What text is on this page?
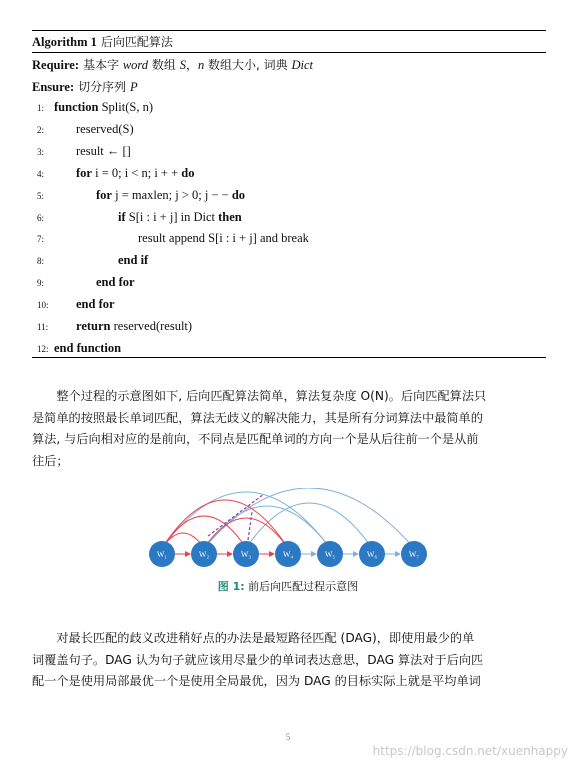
Algorithm 1 后向匹配算法
Require: 基本字 word 数组 S，n 数组大小, 词典 Dict
Ensure: 切分序列 P
1: function Split(S, n)
2:	reserved(S)
3:	result ← []
4:	for i = 0; i < n; i + + do
5:	for j = maxlen; j > 0; j − − do
6:	if S[i : i + j] in Dict then
7:	result append S[i : i + j] and break
8:	end if
9:	end for
10: end for
11: return reserved(result)
12: end function
　　整个过程的示意图如下, 后向匹配算法简单，算法复杂度 O(N)。后向匹配算法只
是简单的按照最长单词匹配，算法无歧义的解决能力，其是所有分词算法中最简单的
算法, 与后向相对应的是前向，不同点是匹配单词的方向一个是从后往前一个是从前
往后；
W₁	W₂	W₃	W₄	W₅	W₆	W₇
图 1: 前后向匹配过程示意图
　　对最长匹配的歧义改进稍好点的办法是最短路径匹配 (DAG)，即使用最少的单
词覆盖句子。DAG 认为句子就应该用尽量少的单词表达意思，DAG 算法对于后向匹
配一个是使用局部最优一个是使用全局最优，因为 DAG 的目标实际上就是平均单词
5
https://blog.csdn.net/xuenhappy
